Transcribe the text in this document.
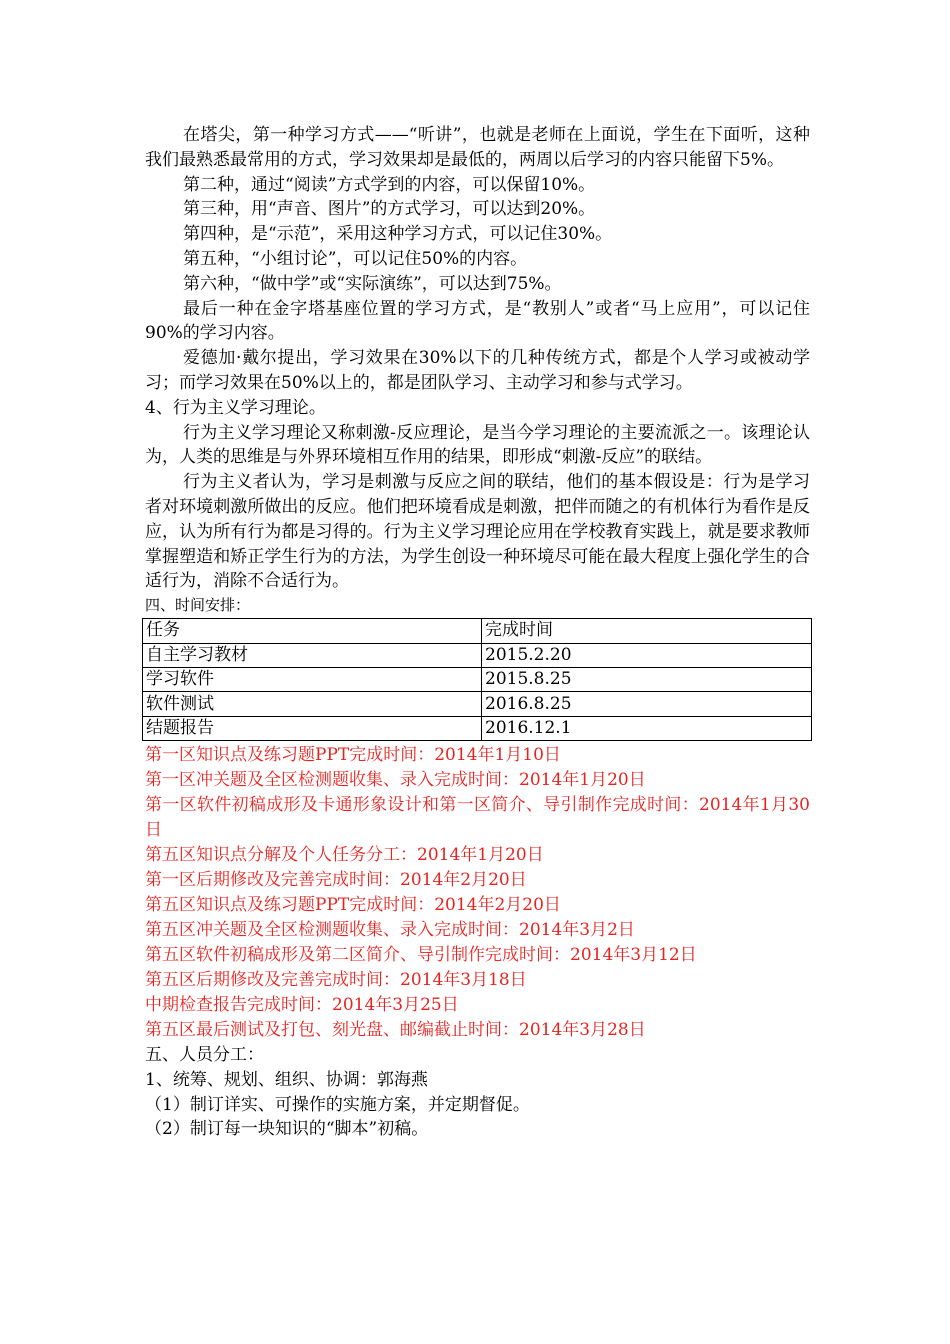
在塔尖，第一种学习方式——“听讲”，也就是老师在上面说，学生在下面听，这种我们最熟悉最常用的方式，学习效果却是最低的，两周以后学习的内容只能留下5%。

第二种，通过“阅读”方式学到的内容，可以保留10%。

第三种，用“声音、图片”的方式学习，可以达到20%。

第四种，是“示范”，采用这种学习方式，可以记住30%。

第五种，“小组讨论”，可以记住50%的内容。

第六种，“做中学”或“实际演练”，可以达到75%。

最后一种在金字塔基座位置的学习方式，是“教别人”或者“马上应用”，可以记住90%的学习内容。

爱德加·戴尔提出，学习效果在30%以下的几种传统方式，都是个人学习或被动学习；而学习效果在50%以上的，都是团队学习、主动学习和参与式学习。

4、行为主义学习理论。

行为主义学习理论又称刺激-反应理论，是当今学习理论的主要流派之一。该理论认为，人类的思维是与外界环境相互作用的结果，即形成“刺激-反应”的联结。

行为主义者认为，学习是刺激与反应之间的联结，他们的基本假设是：行为是学习者对环境刺激所做出的反应。他们把环境看成是刺激，把伴而随之的有机体行为看作是反应，认为所有行为都是习得的。行为主义学习理论应用在学校教育实践上，就是要求教师掌握塑造和矫正学生行为的方法，为学生创设一种环境尽可能在最大程度上强化学生的合适行为，消除不合适行为。

四、时间安排：

任务	完成时间
自主学习教材	2015.2.20
学习软件	2015.8.25
软件测试	2016.8.25
结题报告	2016.12.1

第一区知识点及练习题PPT完成时间：2014年1月10日

第一区冲关题及全区检测题收集、录入完成时间：2014年1月20日

第一区软件初稿成形及卡通形象设计和第一区简介、导引制作完成时间：2014年1月30日

第五区知识点分解及个人任务分工：2014年1月20日

第一区后期修改及完善完成时间：2014年2月20日

第五区知识点及练习题PPT完成时间：2014年2月20日

第五区冲关题及全区检测题收集、录入完成时间：2014年3月2日

第五区软件初稿成形及第二区简介、导引制作完成时间：2014年3月12日

第五区后期修改及完善完成时间：2014年3月18日

中期检查报告完成时间：2014年3月25日

第五区最后测试及打包、刻光盘、邮编截止时间：2014年3月28日

五、人员分工：

1、统筹、规划、组织、协调：郭海燕

（1）制订详实、可操作的实施方案，并定期督促。

（2）制订每一块知识的“脚本”初稿。
